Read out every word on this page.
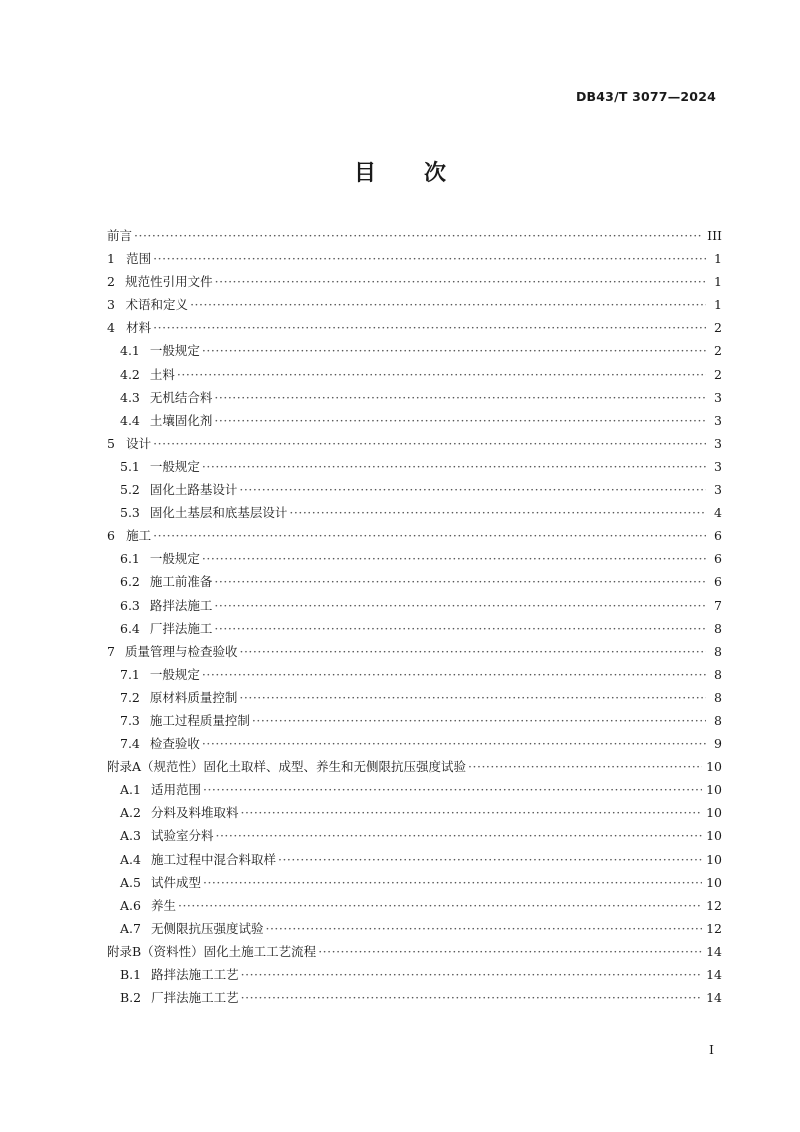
DB43/T 3077—2024
目 次
前言 ·····	III
1 范围 ·····	1
2 规范性引用文件 ·····	1
3 术语和定义 ·····	1
4 材料 ·····	2
4.1 一般规定 ·····	2
4.2 土料 ·····	2
4.3 无机结合料 ·····	3
4.4 土壤固化剂 ·····	3
5 设计 ·····	3
5.1 一般规定 ·····	3
5.2 固化土路基设计 ·····	3
5.3 固化土基层和底基层设计 ·····	4
6 施工 ·····	6
6.1 一般规定 ·····	6
6.2 施工前准备 ·····	6
6.3 路拌法施工 ·····	7
6.4 厂拌法施工 ·····	8
7 质量管理与检查验收 ·····	8
7.1 一般规定 ·····	8
7.2 原材料质量控制 ·····	8
7.3 施工过程质量控制 ·····	8
7.4 检查验收 ·····	9
附录A（规范性）固化土取样、成型、养生和无侧限抗压强度试验 ·····	10
A.1 适用范围 ·····	10
A.2 分料及料堆取料 ·····	10
A.3 试验室分料 ·····	10
A.4 施工过程中混合料取样 ·····	10
A.5 试件成型 ·····	10
A.6 养生 ·····	12
A.7 无侧限抗压强度试验 ·····	12
附录B（资料性）固化土施工工艺流程 ·····	14
B.1 路拌法施工工艺 ·····	14
B.2 厂拌法施工工艺 ·····	14
I
